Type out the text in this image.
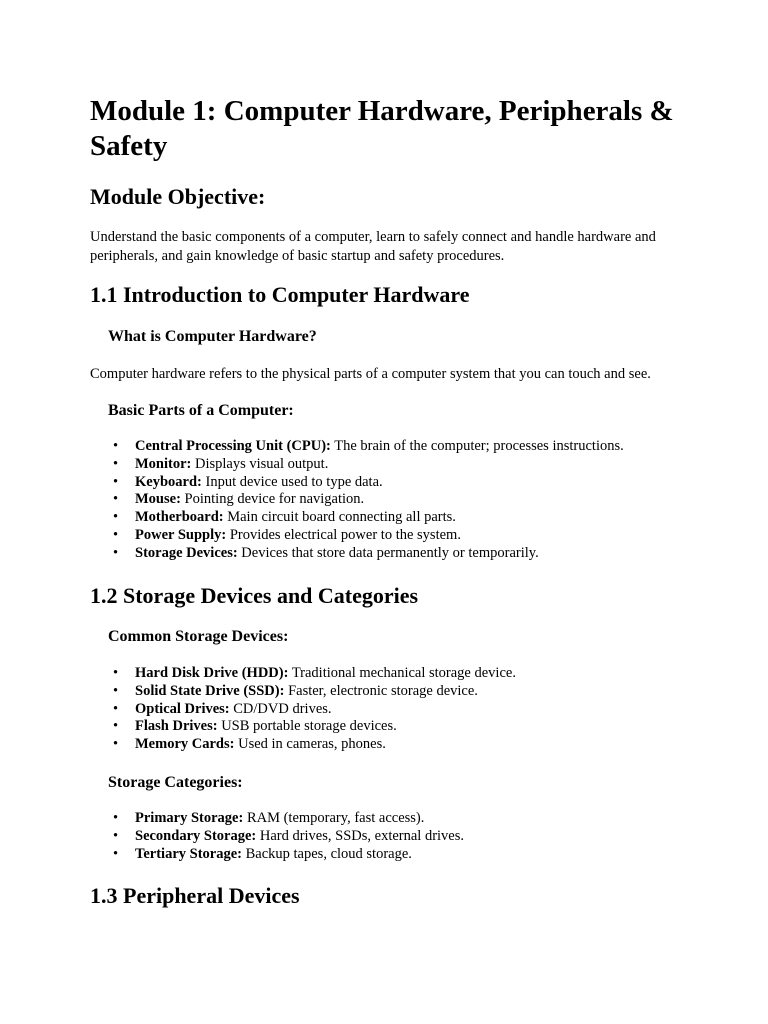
Module 1: Computer Hardware, Peripherals & Safety
Module Objective:

Understand the basic components of a computer, learn to safely connect and handle hardware and peripherals, and gain knowledge of basic startup and safety procedures.

1.1 Introduction to Computer Hardware
What is Computer Hardware?

Computer hardware refers to the physical parts of a computer system that you can touch and see.

Basic Parts of a Computer:
• Central Processing Unit (CPU): The brain of the computer; processes instructions.
• Monitor: Displays visual output.
• Keyboard: Input device used to type data.
• Mouse: Pointing device for navigation.
• Motherboard: Main circuit board connecting all parts.
• Power Supply: Provides electrical power to the system.
• Storage Devices: Devices that store data permanently or temporarily.
1.2 Storage Devices and Categories
Common Storage Devices:
• Hard Disk Drive (HDD): Traditional mechanical storage device.
• Solid State Drive (SSD): Faster, electronic storage device.
• Optical Drives: CD/DVD drives.
• Flash Drives: USB portable storage devices.
• Memory Cards: Used in cameras, phones.
Storage Categories:
• Primary Storage: RAM (temporary, fast access).
• Secondary Storage: Hard drives, SSDs, external drives.
• Tertiary Storage: Backup tapes, cloud storage.
1.3 Peripheral Devices
